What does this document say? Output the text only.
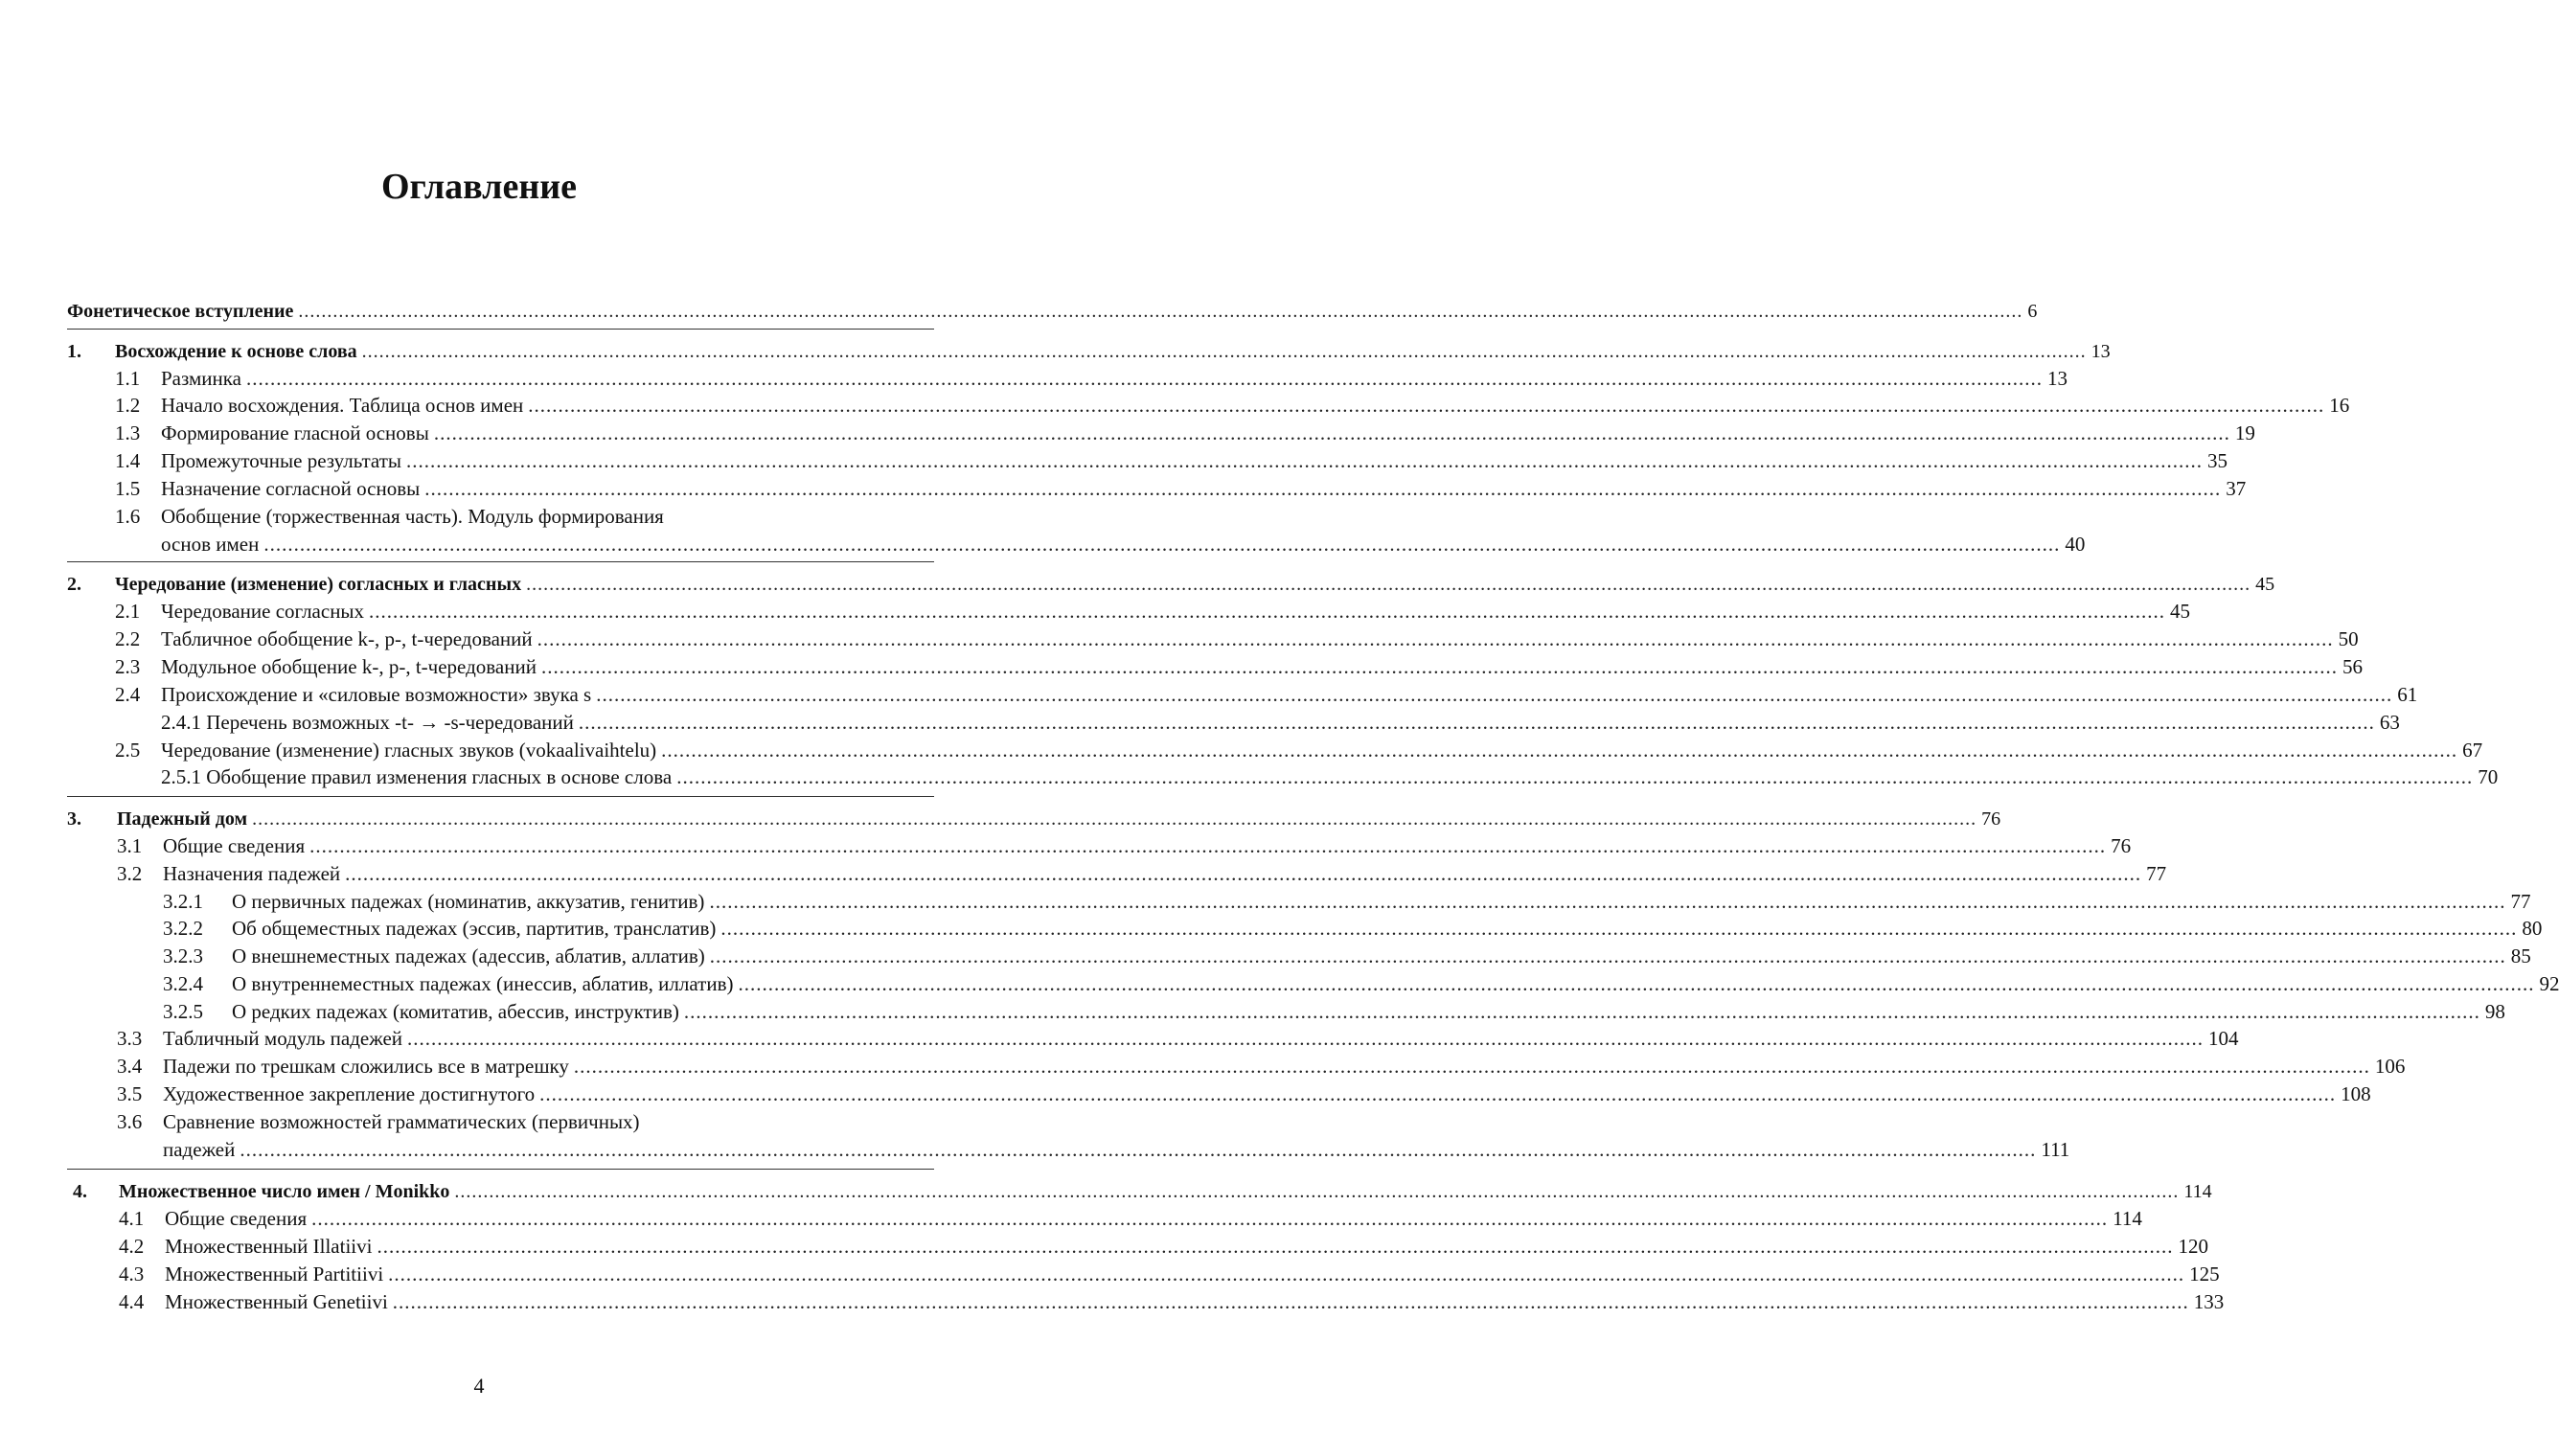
Оглавление
Фонетическое вступление ............................................................................................................................................................................................................................................................................................................ 6
1.	Восхождение к основе слова ............................................................................................................................................................................................................................................................................................................ 13
1.1	Разминка ............................................................................................................................................................................................................................................................................................................ 13
1.2	Начало восхождения. Таблица основ имен ............................................................................................................................................................................................................................................................................................................ 16
1.3	Формирование гласной основы ............................................................................................................................................................................................................................................................................................................ 19
1.4	Промежуточные результаты ............................................................................................................................................................................................................................................................................................................ 35
1.5	Назначение согласной основы ............................................................................................................................................................................................................................................................................................................ 37
1.6	Обобщение (торжественная часть). Модуль формирования
основ имен ............................................................................................................................................................................................................................................................................................................ 40
2.	Чередование (изменение) согласных и гласных ............................................................................................................................................................................................................................................................................................................ 45
2.1	Чередование согласных ............................................................................................................................................................................................................................................................................................................ 45
2.2	Табличное обобщение k-, p-, t-чередований ............................................................................................................................................................................................................................................................................................................ 50
2.3	Модульное обобщение k-, p-, t-чередований ............................................................................................................................................................................................................................................................................................................ 56
2.4	Происхождение и «силовые возможности» звука s ............................................................................................................................................................................................................................................................................................................ 61
2.4.1 Перечень возможных -t- → -s-чередований ............................................................................................................................................................................................................................................................................................................ 63
2.5	Чередование (изменение) гласных звуков (vokaalivaihtelu) ............................................................................................................................................................................................................................................................................................................ 67
2.5.1 Обобщение правил изменения гласных в основе слова ............................................................................................................................................................................................................................................................................................................ 70
3.	Падежный дом ............................................................................................................................................................................................................................................................................................................ 76
3.1	Общие сведения ............................................................................................................................................................................................................................................................................................................ 76
3.2	Назначения падежей ............................................................................................................................................................................................................................................................................................................ 77
3.2.1	О первичных падежах (номинатив, аккузатив, генитив) ............................................................................................................................................................................................................................................................................................................ 77
3.2.2	Об общеместных падежах (эссив, партитив, транслатив) ............................................................................................................................................................................................................................................................................................................ 80
3.2.3	О внешнеместных падежах (адессив, аблатив, аллатив) ............................................................................................................................................................................................................................................................................................................ 85
3.2.4	О внутреннеместных падежах (инессив, аблатив, иллатив) ............................................................................................................................................................................................................................................................................................................ 92
3.2.5	О редких падежах (комитатив, абессив, инструктив) ............................................................................................................................................................................................................................................................................................................ 98
3.3	Табличный модуль падежей ............................................................................................................................................................................................................................................................................................................ 104
3.4	Падежи по трешкам сложились все в матрешку ............................................................................................................................................................................................................................................................................................................ 106
3.5	Художественное закрепление достигнутого ............................................................................................................................................................................................................................................................................................................ 108
3.6	Сравнение возможностей грамматических (первичных)
падежей ............................................................................................................................................................................................................................................................................................................ 111
4.	Множественное число имен / Monikko ............................................................................................................................................................................................................................................................................................................ 114
4.1	Общие сведения ............................................................................................................................................................................................................................................................................................................ 114
4.2	Множественный Illatiivi ............................................................................................................................................................................................................................................................................................................ 120
4.3	Множественный Partitiivi ............................................................................................................................................................................................................................................................................................................ 125
4.4	Множественный Genetiivi ............................................................................................................................................................................................................................................................................................................ 133
4
